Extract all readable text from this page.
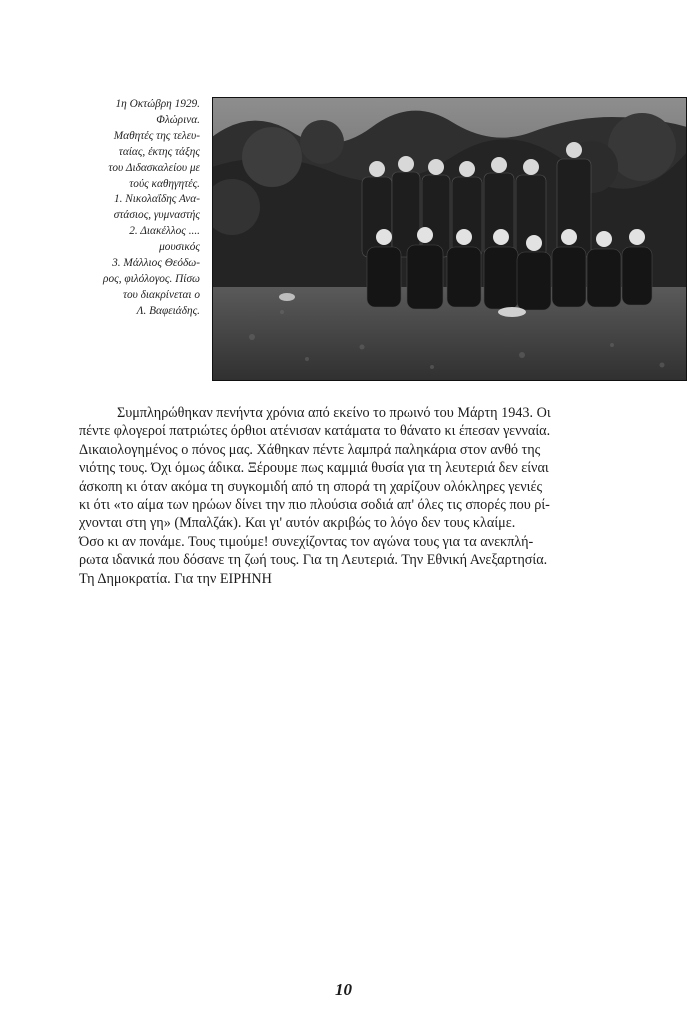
1η Οκτώβρη 1929.
Φλώρινα.
Μαθητές της τελευ-
ταίας, έκτης τάξης
του Διδασκαλείου με
τούς καθηγητές.
1. Νικολαΐδης Ανα-
στάσιος, γυμναστής
2. Διακέλλος ....
μουσικός
3. Μάλλιος Θεόδω-
ρος, φιλόλογος. Πίσω
του διακρίνεται ο
Λ. Βαφειάδης.
Συμπληρώθηκαν πενήντα χρόνια από εκείνο το πρωινό του Μάρτη 1943. Οι
πέντε φλογεροί πατριώτες όρθιοι ατένισαν κατάματα το θάνατο κι έπεσαν γενναία.
Δικαιολογημένος ο πόνος μας. Χάθηκαν πέντε λαμπρά παληκάρια στον ανθό της
νιότης τους. Όχι όμως άδικα. Ξέρουμε πως καμμιά θυσία για τη λευτεριά δεν είναι
άσκοπη κι όταν ακόμα τη συγκομιδή από τη σπορά τη χαρίζουν ολόκληρες γενιές
κι ότι «το αίμα των ηρώων δίνει την πιο πλούσια σοδιά απ' όλες τις σπορές που ρί-
χνονται στη γη» (Μπαλζάκ). Και γι' αυτόν ακριβώς το λόγο δεν τους κλαίμε.
Όσο κι αν πονάμε. Τους τιμούμε! συνεχίζοντας τον αγώνα τους για τα ανεκπλή-
ρωτα ιδανικά που δόσανε τη ζωή τους. Για τη Λευτεριά. Την Εθνική Ανεξαρτησία.
Τη Δημοκρατία. Για την ΕΙΡΗΝΗ
10
